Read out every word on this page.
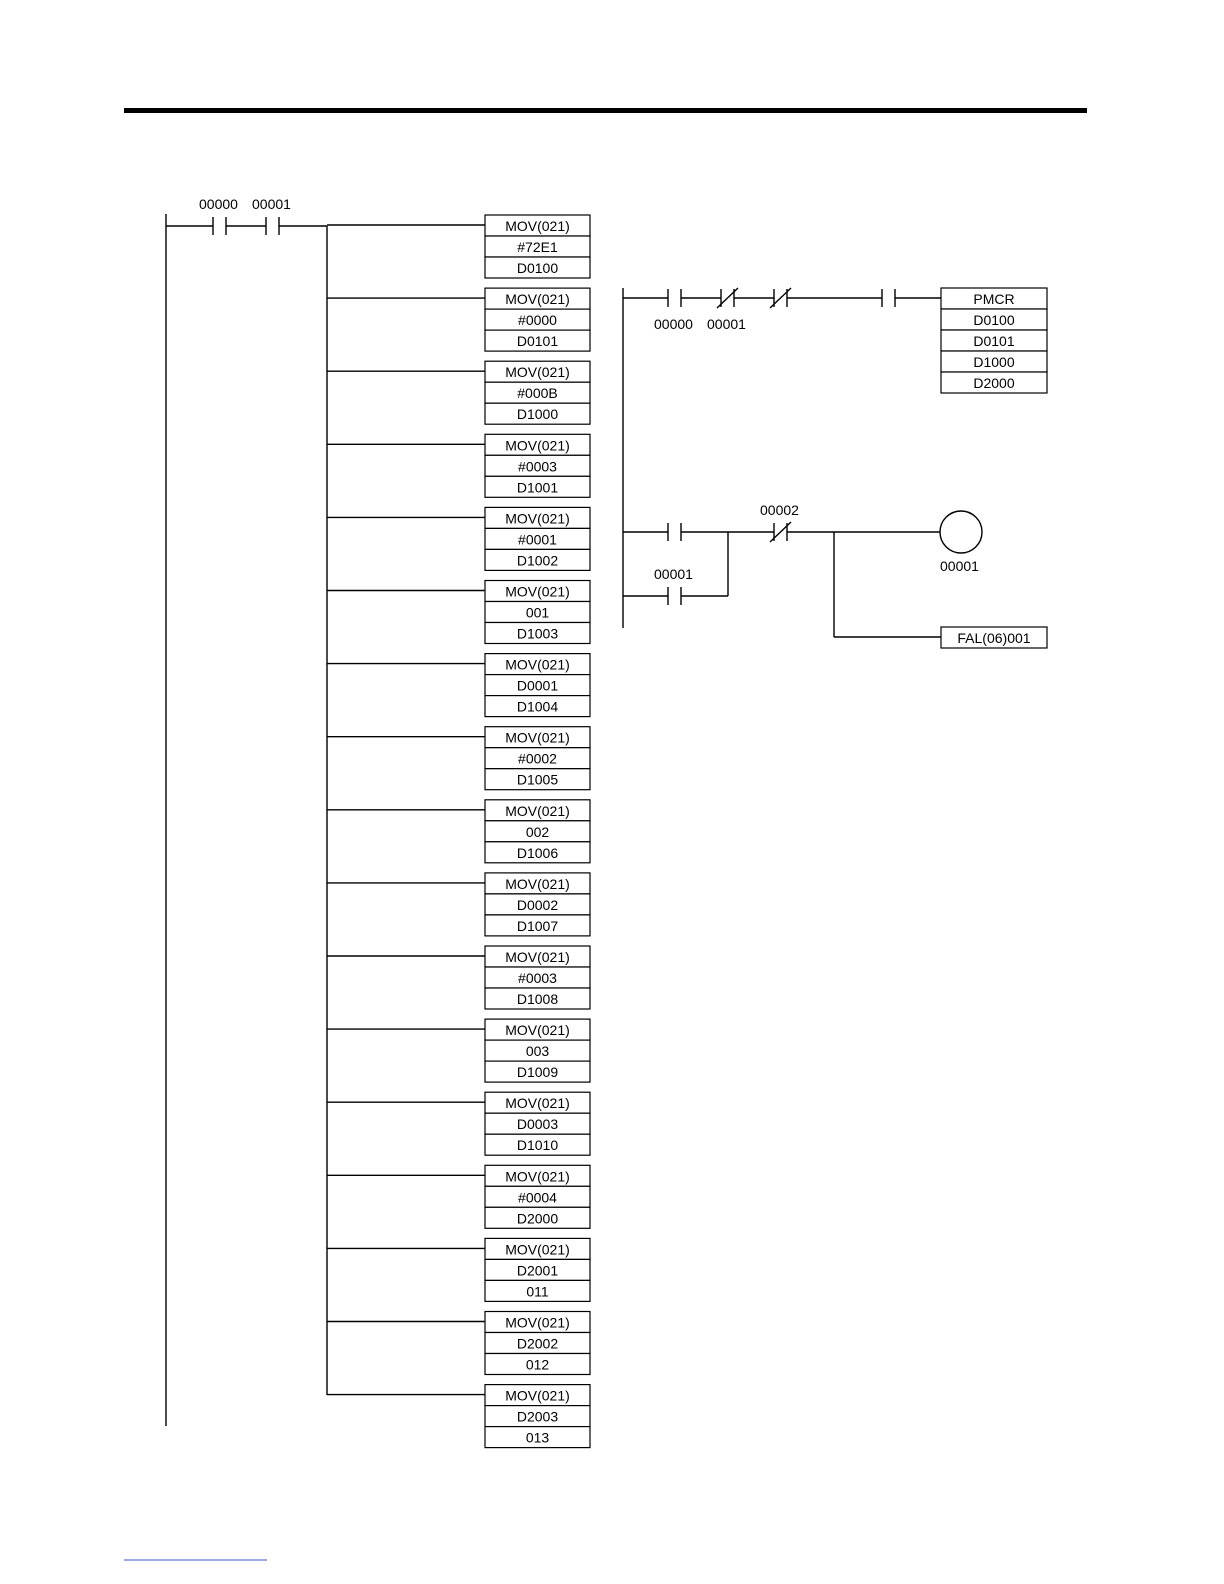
00000 00001
MOV(021)
#72E1
D0100
MOV(021)
#0000
D0101
MOV(021)
#000B
D1000
MOV(021)
#0003
D1001
MOV(021)
#0001
D1002
MOV(021)
001
D1003
MOV(021)
D0001
D1004
MOV(021)
#0002
D1005
MOV(021)
002
D1006
MOV(021)
D0002
D1007
MOV(021)
#0003
D1008
MOV(021)
003
D1009
MOV(021)
D0003
D1010
MOV(021)
#0004
D2000
MOV(021)
D2001
011
MOV(021)
D2002
012
MOV(021)
D2003
013
00000 00001
PMCR
D0100
D0101
D1000
D2000
00001
00002
00001
FAL(06)001
